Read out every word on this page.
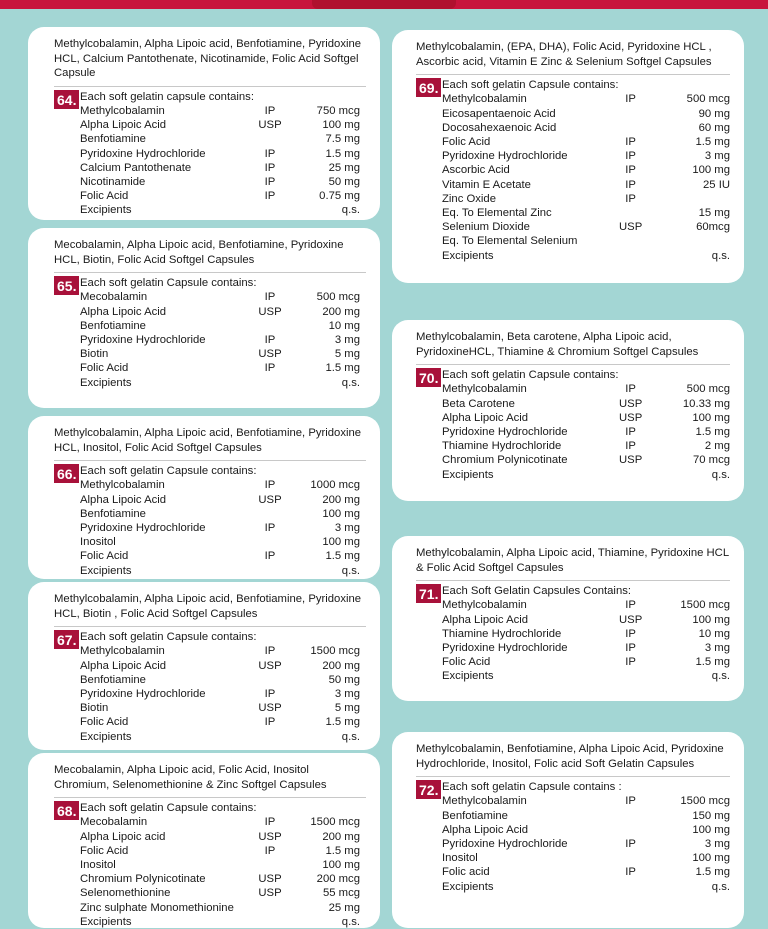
Methylcobalamin, Alpha Lipoic acid, Benfotiamine, Pyridoxine HCL, Calcium Pantothenate, Nicotinamide, Folic Acid Softgel Capsule
64. Each soft gelatin capsule contains:
Methylcobalamin	IP	750 mcg
Alpha Lipoic Acid	USP	100 mg
Benfotiamine	7.5 mg
Pyridoxine Hydrochloride	IP	1.5 mg
Calcium Pantothenate	IP	25 mg
Nicotinamide	IP	50 mg
Folic Acid	IP	0.75 mg
Excipients	q.s.
Mecobalamin, Alpha Lipoic acid, Benfotiamine, Pyridoxine HCL, Biotin, Folic Acid Softgel Capsules
65. Each soft gelatin Capsule contains:
Mecobalamin	IP	500 mcg
Alpha Lipoic Acid	USP	200 mg
Benfotiamine	10 mg
Pyridoxine Hydrochloride	IP	3 mg
Biotin	USP	5 mg
Folic Acid	IP	1.5 mg
Excipients	q.s.
Methylcobalamin, Alpha Lipoic acid, Benfotiamine, Pyridoxine HCL, Inositol, Folic Acid Softgel Capsules
66. Each soft gelatin Capsule contains:
Methylcobalamin	IP	1000 mcg
Alpha Lipoic Acid	USP	200 mg
Benfotiamine	100 mg
Pyridoxine Hydrochloride	IP	3 mg
Inositol	100 mg
Folic Acid	IP	1.5 mg
Excipients	q.s.
Methylcobalamin, Alpha Lipoic acid, Benfotiamine, Pyridoxine HCL, Biotin , Folic Acid Softgel Capsules
67. Each soft gelatin Capsule contains:
Methylcobalamin	IP	1500 mcg
Alpha Lipoic Acid	USP	200 mg
Benfotiamine	50 mg
Pyridoxine Hydrochloride	IP	3 mg
Biotin	USP	5 mg
Folic Acid	IP	1.5 mg
Excipients	q.s.
Mecobalamin, Alpha Lipoic acid, Folic Acid, Inositol Chromium, Selenomethionine & Zinc Softgel Capsules
68. Each soft gelatin Capsule contains:
Mecobalamin	IP	1500 mcg
Alpha Lipoic acid	USP	200 mg
Folic Acid	IP	1.5 mg
Inositol	100 mg
Chromium Polynicotinate	USP	200 mcg
Selenomethionine	USP	55 mcg
Zinc sulphate Monomethionine	25 mg
Excipients	q.s.
Methylcobalamin, (EPA, DHA), Folic Acid, Pyridoxine HCL , Ascorbic acid, Vitamin E Zinc & Selenium Softgel Capsules
69. Each soft gelatin Capsule contains:
Methylcobalamin	IP	500 mcg
Eicosapentaenoic Acid	90 mg
Docosahexaenoic Acid	60 mg
Folic Acid	IP	1.5 mg
Pyridoxine Hydrochloride	IP	3 mg
Ascorbic Acid	IP	100 mg
Vitamin E Acetate	IP	25 IU
Zinc Oxide	IP
Eq. To Elemental Zinc	15 mg
Selenium Dioxide	USP	60mcg
Eq. To Elemental Selenium
Excipients	q.s.
Methylcobalamin, Beta carotene, Alpha Lipoic acid, PyridoxineHCL, Thiamine & Chromium Softgel Capsules
70. Each soft gelatin Capsule contains:
Methylcobalamin	IP	500 mcg
Beta Carotene	USP	10.33 mg
Alpha Lipoic Acid	USP	100 mg
Pyridoxine Hydrochloride	IP	1.5 mg
Thiamine Hydrochloride	IP	2 mg
Chromium Polynicotinate	USP	70 mcg
Excipients	q.s.
Methylcobalamin, Alpha Lipoic acid, Thiamine, Pyridoxine HCL & Folic Acid Softgel Capsules
71. Each Soft Gelatin Capsules Contains:
Methylcobalamin	IP	1500 mcg
Alpha Lipoic Acid	USP	100 mg
Thiamine Hydrochloride	IP	10 mg
Pyridoxine Hydrochloride	IP	3 mg
Folic Acid	IP	1.5 mg
Excipients	q.s.
Methylcobalamin, Benfotiamine, Alpha Lipoic Acid, Pyridoxine Hydrochloride, Inositol, Folic acid Soft Gelatin Capsules
72. Each soft gelatin Capsule contains :
Methylcobalamin	IP	1500 mcg
Benfotiamine	150 mg
Alpha Lipoic Acid	100 mg
Pyridoxine Hydrochloride	IP	3 mg
Inositol	100 mg
Folic acid	IP	1.5 mg
Excipients	q.s.
